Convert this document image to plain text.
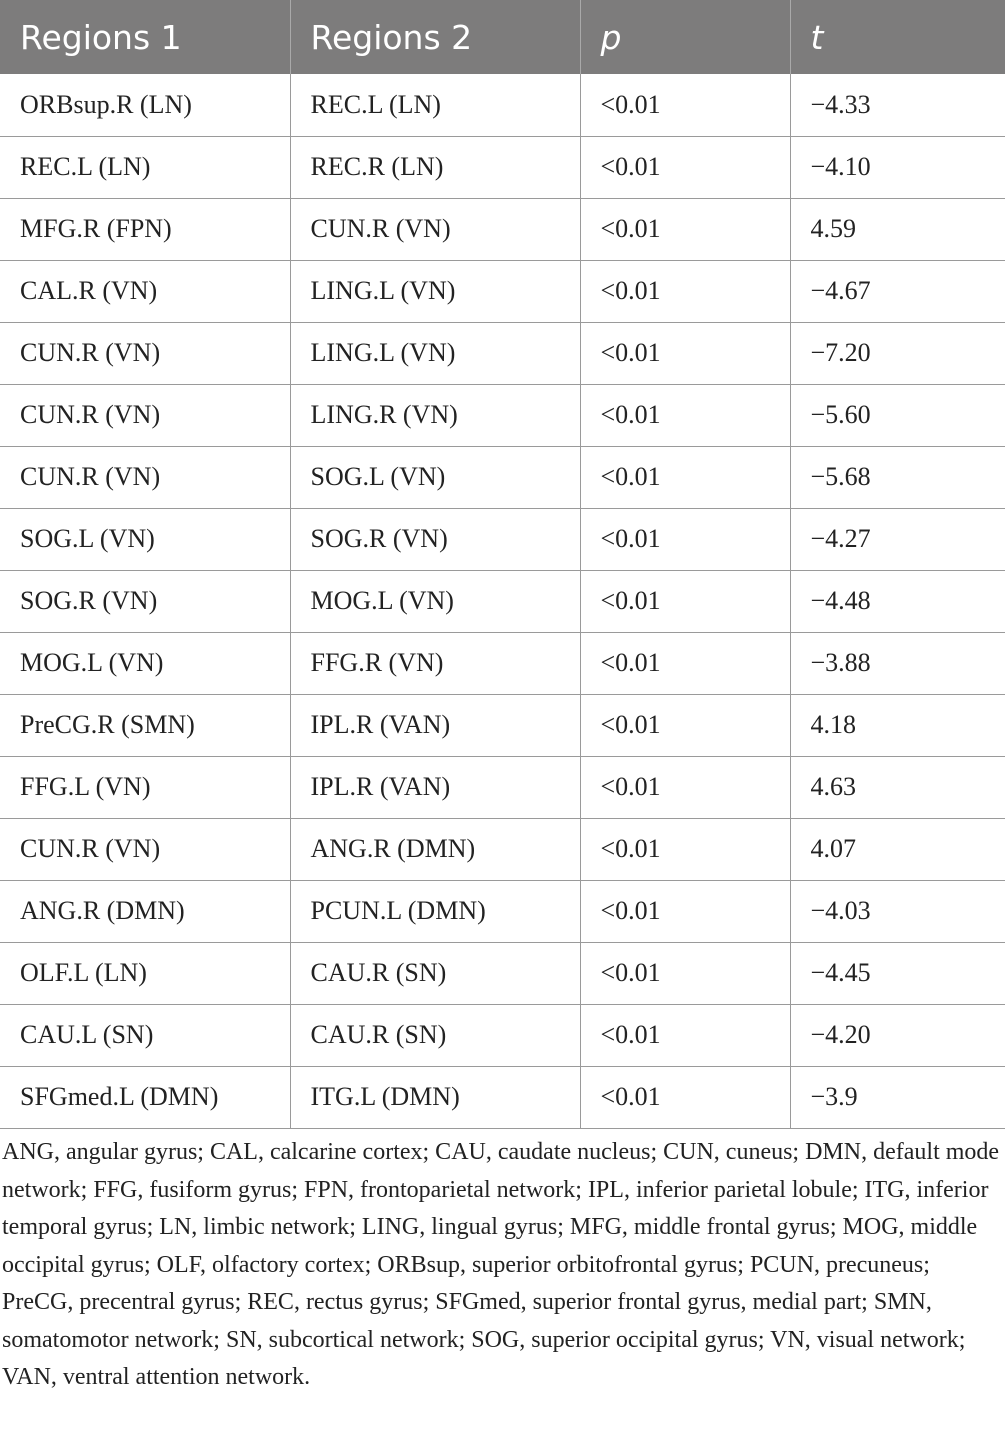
Regions 1	Regions 2	p	t
ORBsup.R (LN)	REC.L (LN)	<0.01	−4.33
REC.L (LN)	REC.R (LN)	<0.01	−4.10
MFG.R (FPN)	CUN.R (VN)	<0.01	4.59
CAL.R (VN)	LING.L (VN)	<0.01	−4.67
CUN.R (VN)	LING.L (VN)	<0.01	−7.20
CUN.R (VN)	LING.R (VN)	<0.01	−5.60
CUN.R (VN)	SOG.L (VN)	<0.01	−5.68
SOG.L (VN)	SOG.R (VN)	<0.01	−4.27
SOG.R (VN)	MOG.L (VN)	<0.01	−4.48
MOG.L (VN)	FFG.R (VN)	<0.01	−3.88
PreCG.R (SMN)	IPL.R (VAN)	<0.01	4.18
FFG.L (VN)	IPL.R (VAN)	<0.01	4.63
CUN.R (VN)	ANG.R (DMN)	<0.01	4.07
ANG.R (DMN)	PCUN.L (DMN)	<0.01	−4.03
OLF.L (LN)	CAU.R (SN)	<0.01	−4.45
CAU.L (SN)	CAU.R (SN)	<0.01	−4.20
SFGmed.L (DMN)	ITG.L (DMN)	<0.01	−3.9

ANG, angular gyrus; CAL, calcarine cortex; CAU, caudate nucleus; CUN, cuneus; DMN, default mode network; FFG, fusiform gyrus; FPN, frontoparietal network; IPL, inferior parietal lobule; ITG, inferior temporal gyrus; LN, limbic network; LING, lingual gyrus; MFG, middle frontal gyrus; MOG, middle occipital gyrus; OLF, olfactory cortex; ORBsup, superior orbitofrontal gyrus; PCUN, precuneus; PreCG, precentral gyrus; REC, rectus gyrus; SFGmed, superior frontal gyrus, medial part; SMN, somatomotor network; SN, subcortical network; SOG, superior occipital gyrus; VN, visual network; VAN, ventral attention network.
